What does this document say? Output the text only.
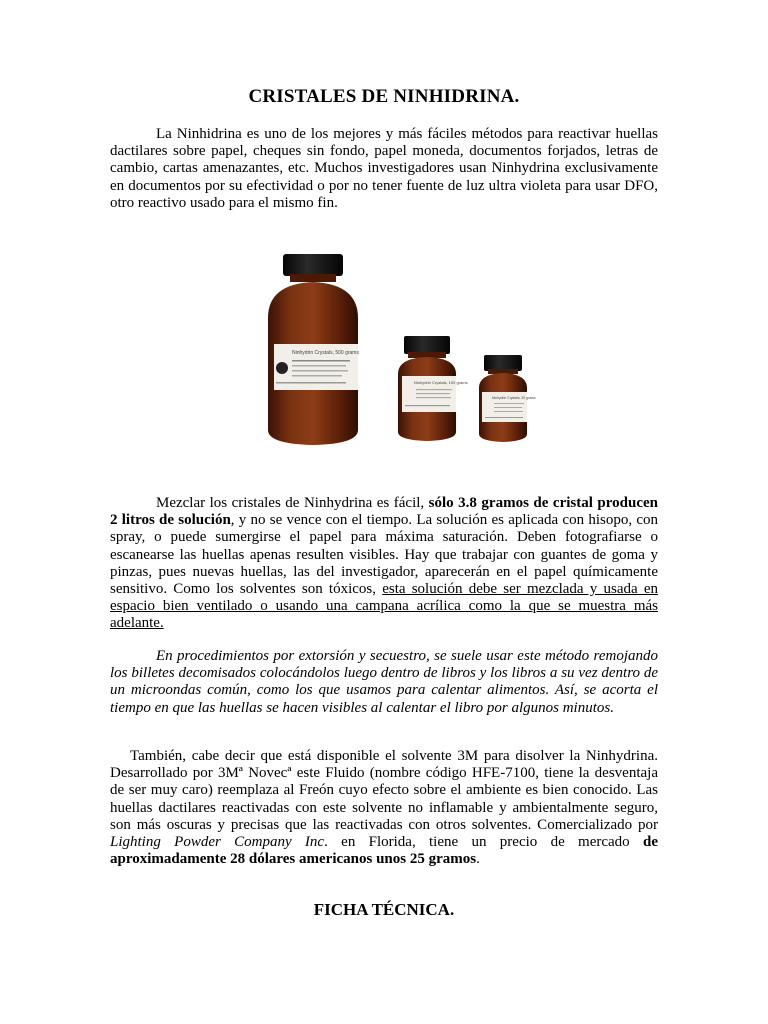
CRISTALES DE NINHIDRINA.
La Ninhidrina es uno de los mejores y más fáciles métodos para reactivar huellas dactilares sobre papel, cheques sin fondo, papel moneda, documentos forjados, letras de cambio, cartas amenazantes, etc. Muchos investigadores usan Ninhydrina exclusivamente en documentos por su efectividad o por no tener fuente de luz ultra violeta para usar DFO, otro reactivo usado para el mismo fin.
Ninhydrin Crystals, 500 grams
Ninhydrin Crystals, 100 grams
Ninhydrin Crystals, 25 grams
Mezclar los cristales de Ninhydrina es fácil, sólo 3.8 gramos de cristal producen 2 litros de solución, y no se vence con el tiempo. La solución es aplicada con hisopo, con spray, o puede sumergirse el papel para máxima saturación. Deben fotografiarse o escanearse las huellas apenas resulten visibles. Hay que trabajar con guantes de goma y pinzas, pues nuevas huellas, las del investigador, aparecerán en el papel químicamente sensitivo. Como los solventes son tóxicos, esta solución debe ser mezclada y usada en espacio bien ventilado o usando una campana acrílica como la que se muestra más adelante.
En procedimientos por extorsión y secuestro, se suele usar este método remojando los billetes decomisados colocándolos luego dentro de libros y los libros a su vez dentro de un microondas común, como los que usamos para calentar alimentos. Así, se acorta el tiempo en que las huellas se hacen visibles al calentar el libro por algunos minutos.
También, cabe decir que está disponible el solvente 3M para disolver la Ninhydrina. Desarrollado por 3Mª Novecª este Fluido (nombre código HFE-7100, tiene la desventaja de ser muy caro) reemplaza al Freón cuyo efecto sobre el ambiente es bien conocido. Las huellas dactilares reactivadas con este solvente no inflamable y ambientalmente seguro, son más oscuras y precisas que las reactivadas con otros solventes. Comercializado por Lighting Powder Company Inc. en Florida, tiene un precio de mercado de aproximadamente 28 dólares americanos unos 25 gramos.
FICHA TÉCNICA.
